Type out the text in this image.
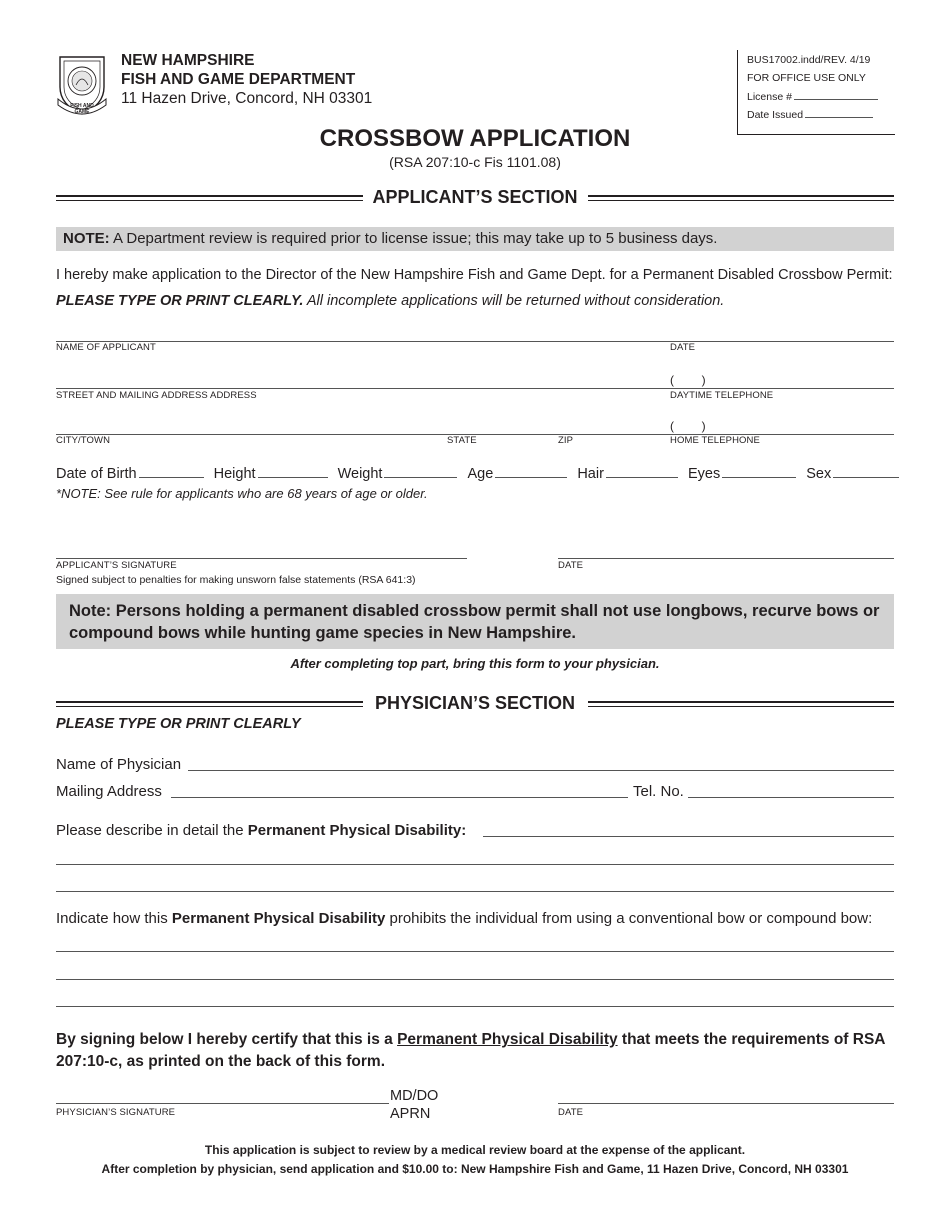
FISH AND GAME
NEW HAMPSHIRE
FISH AND GAME DEPARTMENT
11 Hazen Drive, Concord, NH 03301
BUS17002.indd/REV. 4/19
FOR OFFICE USE ONLY
License #
Date Issued
CROSSBOW APPLICATION
(RSA 207:10-c Fis 1101.08)
APPLICANT’S SECTION
NOTE: A Department review is required prior to license issue; this may take up to 5 business days.
I hereby make application to the Director of the New Hampshire Fish and Game Dept. for a Permanent Disabled Crossbow Permit:
PLEASE TYPE OR PRINT CLEARLY. All incomplete applications will be returned without consideration.
NAME OF APPLICANT	DATE
(        )
STREET AND MAILING ADDRESS ADDRESS	DAYTIME TELEPHONE
(        )
CITY/TOWN	STATE	ZIP	HOME TELEPHONE
Date of Birth	Height	Weight	Age	Hair	Eyes	Sex
*NOTE: See rule for applicants who are 68 years of age or older.
APPLICANT’S SIGNATURE	DATE
Signed subject to penalties for making unsworn false statements (RSA 641:3)
Note: Persons holding a permanent disabled crossbow permit shall not use longbows, recurve bows or compound bows while hunting game species in New Hampshire.
After completing top part, bring this form to your physician.
PHYSICIAN’S SECTION
PLEASE TYPE OR PRINT CLEARLY
Name of Physician
Mailing Address	Tel. No.
Please describe in detail the Permanent Physical Disability:
Indicate how this Permanent Physical Disability prohibits the individual from using a conventional bow or compound bow:
By signing below I hereby certify that this is a Permanent Physical Disability that meets the requirements of RSA 207:10-c, as printed on the back of this form.
MD/DO
APRN
PHYSICIAN’S SIGNATURE	DATE
This application is subject to review by a medical review board at the expense of the applicant.
After completion by physician, send application and $10.00 to: New Hampshire Fish and Game, 11 Hazen Drive, Concord, NH 03301
